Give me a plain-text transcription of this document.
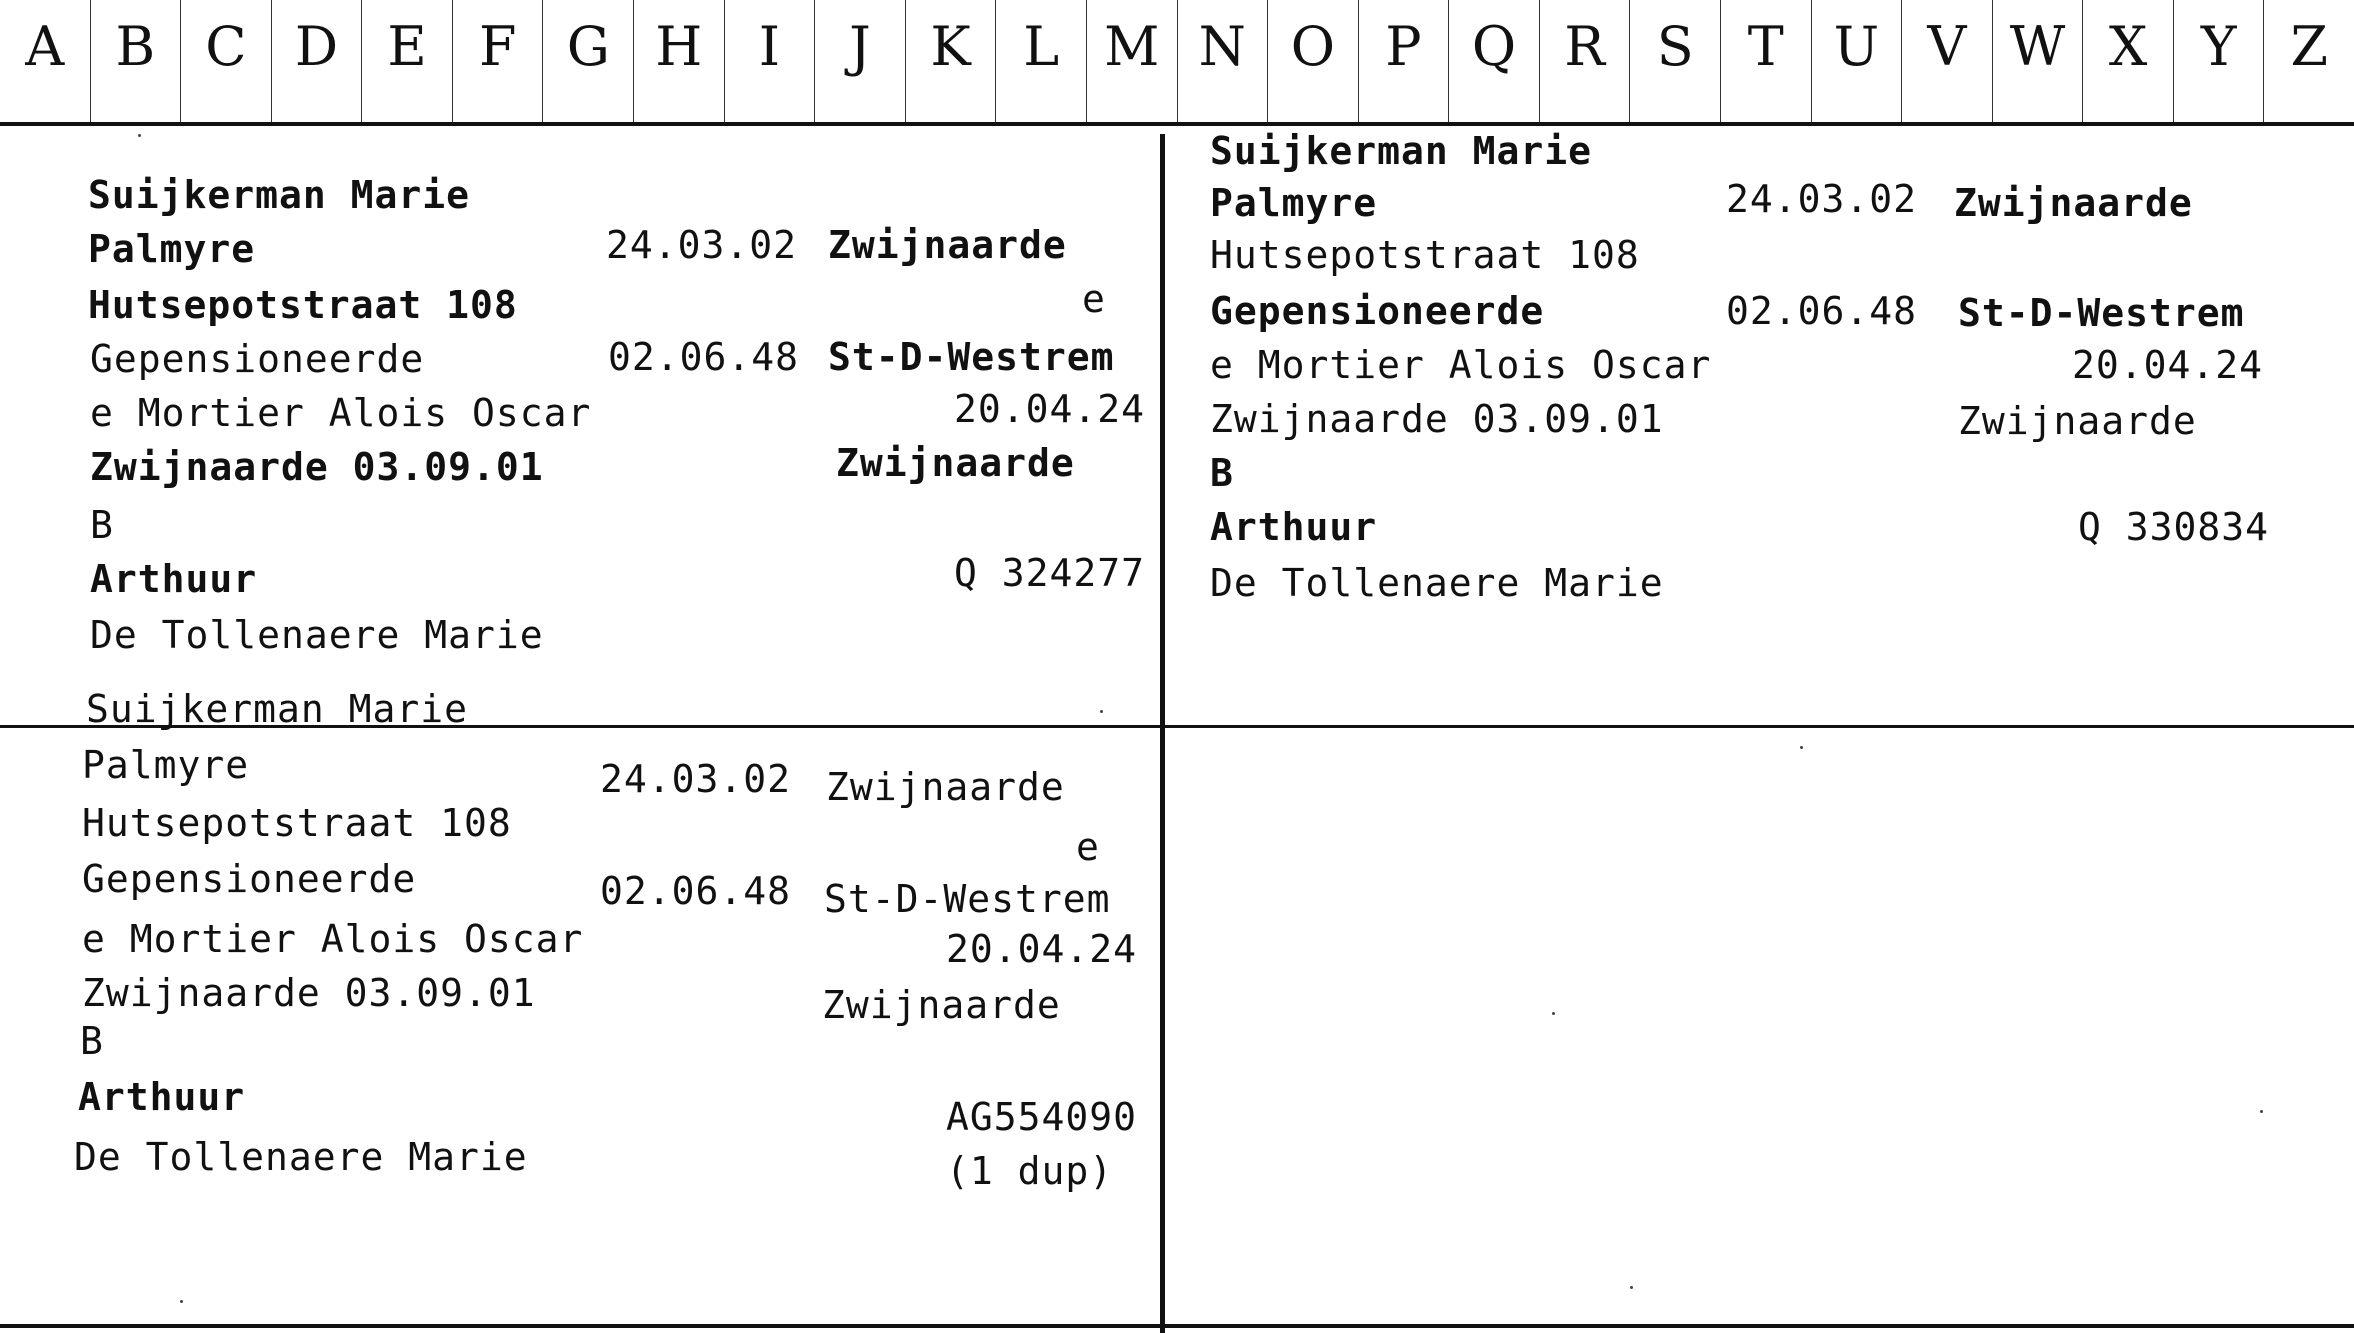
A B C D E F G H	I	J	K L M N O P Q R S	T U V W X Y Z
Suijkerman Marie
Palmyre	24.03.02 Zwijnaarde
Hutsepotstraat 108	e
Gepensioneerde	02.06.48 St-D-Westrem
e Mortier Alois Oscar	20.04.24
Zwijnaarde 03.09.01	Zwijnaarde
B
Arthuur	Q 324277
De Tollenaere Marie
Suijkerman Marie
Palmyre	24.03.02 Zwijnaarde
Hutsepotstraat 108
Gepensioneerde	02.06.48 St-D-Westrem
e Mortier Alois Oscar	20.04.24
Zwijnaarde 03.09.01	Zwijnaarde
B
Arthuur	Q 330834
De Tollenaere Marie
Suijkerman Marie
Palmyre	24.03.02 Zwijnaarde
Hutsepotstraat 108
e
Gepensioneerde	02.06.48 St-D-Westrem
e Mortier Alois Oscar	20.04.24
Zwijnaarde 03.09.01	Zwijnaarde
B
Arthuur	AG554090
De Tollenaere Marie	(1 dup)
